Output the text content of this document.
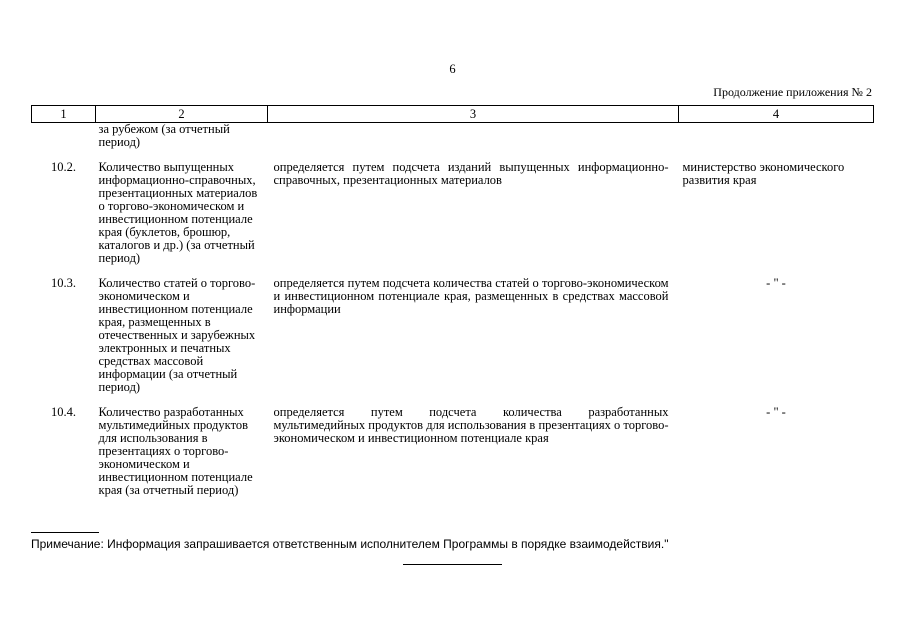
6
Продолжение приложения № 2
1	2	3	4
	за рубежом (за отчетный период)		
10.2.	Количество выпущенных информационно-справочных, презентационных материалов о торгово-экономическом и инвестиционном потенциале края (буклетов, брошюр, каталогов и др.) (за отчетный период)	определяется путем подсчета изданий выпущенных информационно-справочных, презентационных материалов	министерство экономического развития края
10.3.	Количество статей о торгово-экономическом и инвестиционном потенциале края, размещенных в отечественных и зарубежных электронных и печатных средствах массовой информации (за отчетный период)	определяется путем подсчета количества статей о торгово-экономическом и инвестиционном потенциале края, размещенных в средствах массовой информации	- " -
10.4.	Количество разработанных мультимедийных продуктов для использования в презентациях о торгово-экономическом и инвестиционном потенциале края (за отчетный период)	определяется путем подсчета количества разработанных мультимедийных продуктов для использования в презентациях о торгово-экономическом и инвестиционном потенциале края	- " -
Примечание: Информация запрашивается ответственным исполнителем Программы в порядке взаимодействия."
